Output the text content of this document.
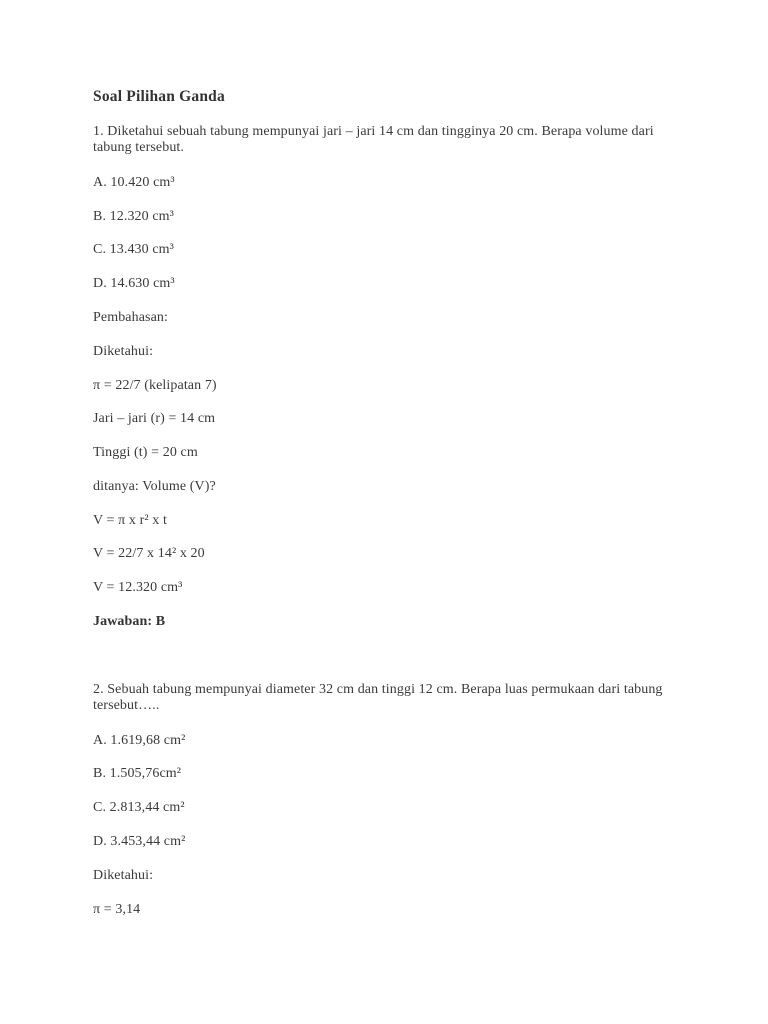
Soal Pilihan Ganda

1. Diketahui sebuah tabung mempunyai jari – jari 14 cm dan tingginya 20 cm. Berapa volume dari tabung tersebut.

A. 10.420 cm³

B. 12.320 cm³

C. 13.430 cm³

D. 14.630 cm³

Pembahasan:

Diketahui:

π = 22/7 (kelipatan 7)

Jari – jari (r) = 14 cm

Tinggi (t) = 20 cm

ditanya: Volume (V)?

V = π x r² x t

V = 22/7 x 14² x 20

V = 12.320 cm³

Jawaban: B

2. Sebuah tabung mempunyai diameter 32 cm dan tinggi 12 cm. Berapa luas permukaan dari tabung tersebut…..

A. 1.619,68 cm²

B. 1.505,76cm²

C. 2.813,44 cm²

D. 3.453,44 cm²

Diketahui:

π = 3,14
